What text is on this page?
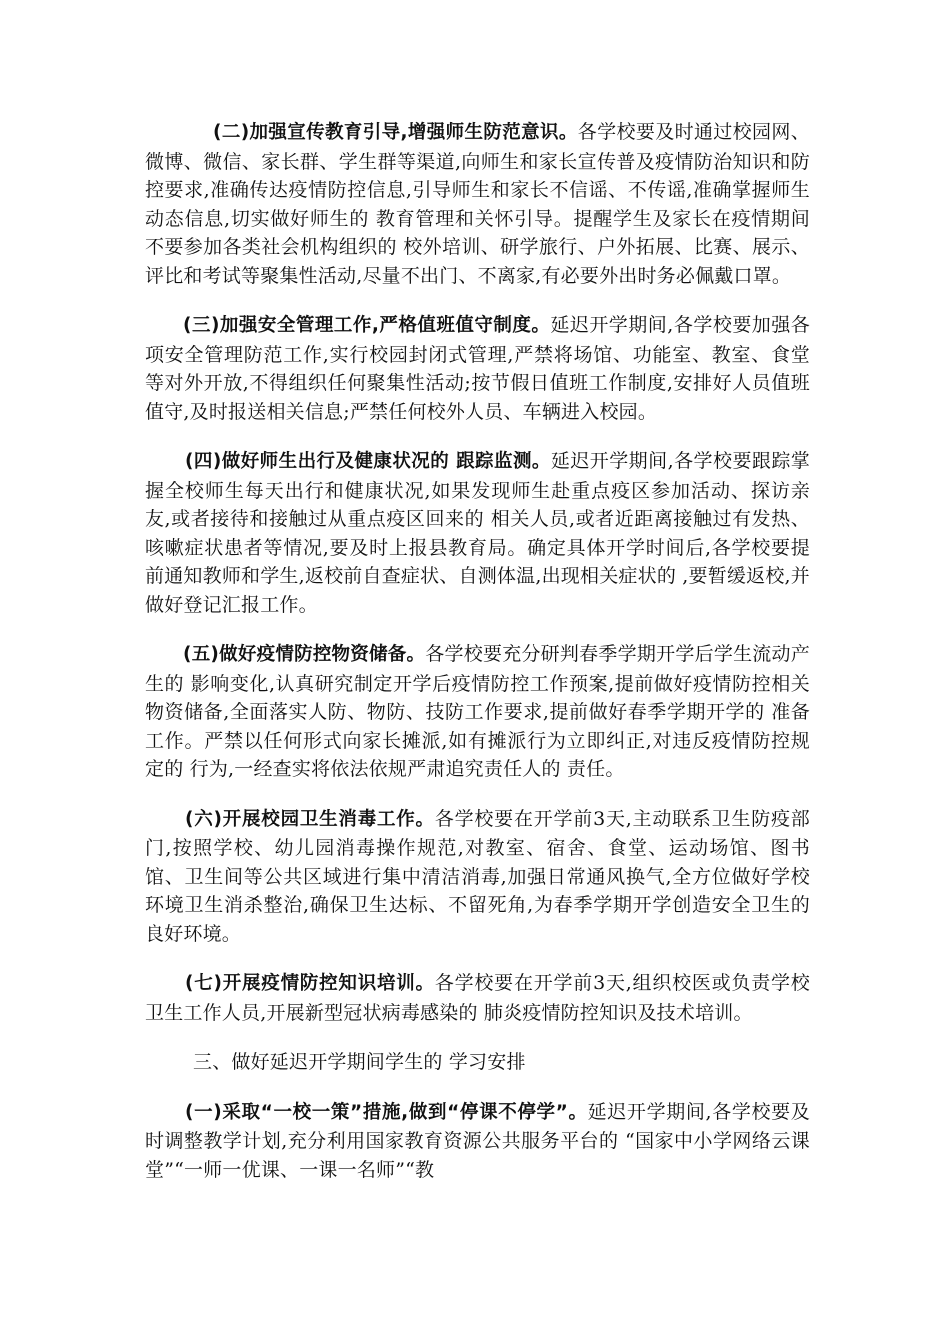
(二)加强宣传教育引导,增强师生防范意识。各学校要及时通过校园网、微博、微信、家长群、学生群等渠道,向师生和家长宣传普及疫情防治知识和防控要求,准确传达疫情防控信息,引导师生和家长不信谣、不传谣,准确掌握师生动态信息,切实做好师生的 教育管理和关怀引导。提醒学生及家长在疫情期间不要参加各类社会机构组织的 校外培训、研学旅行、户外拓展、比赛、展示、评比和考试等聚集性活动,尽量不出门、不离家,有必要外出时务必佩戴口罩。

(三)加强安全管理工作,严格值班值守制度。延迟开学期间,各学校要加强各项安全管理防范工作,实行校园封闭式管理,严禁将场馆、功能室、教室、食堂等对外开放,不得组织任何聚集性活动;按节假日值班工作制度,安排好人员值班值守,及时报送相关信息;严禁任何校外人员、车辆进入校园。

(四)做好师生出行及健康状况的 跟踪监测。延迟开学期间,各学校要跟踪掌握全校师生每天出行和健康状况,如果发现师生赴重点疫区参加活动、探访亲友,或者接待和接触过从重点疫区回来的 相关人员,或者近距离接触过有发热、咳嗽症状患者等情况,要及时上报县教育局。确定具体开学时间后,各学校要提前通知教师和学生,返校前自查症状、自测体温,出现相关症状的 ,要暂缓返校,并做好登记汇报工作。

(五)做好疫情防控物资储备。各学校要充分研判春季学期开学后学生流动产生的 影响变化,认真研究制定开学后疫情防控工作预案,提前做好疫情防控相关物资储备,全面落实人防、物防、技防工作要求,提前做好春季学期开学的 准备工作。严禁以任何形式向家长摊派,如有摊派行为立即纠正,对违反疫情防控规定的 行为,一经查实将依法依规严肃追究责任人的 责任。

(六)开展校园卫生消毒工作。各学校要在开学前3天,主动联系卫生防疫部门,按照学校、幼儿园消毒操作规范,对教室、宿舍、食堂、运动场馆、图书馆、卫生间等公共区域进行集中清洁消毒,加强日常通风换气,全方位做好学校环境卫生消杀整治,确保卫生达标、不留死角,为春季学期开学创造安全卫生的 良好环境。

(七)开展疫情防控知识培训。各学校要在开学前3天,组织校医或负责学校卫生工作人员,开展新型冠状病毒感染的 肺炎疫情防控知识及技术培训。

三、做好延迟开学期间学生的 学习安排

(一)采取“一校一策”措施,做到“停课不停学”。延迟开学期间,各学校要及时调整教学计划,充分利用国家教育资源公共服务平台的 “国家中小学网络云课堂”“一师一优课、一课一名师”“教
